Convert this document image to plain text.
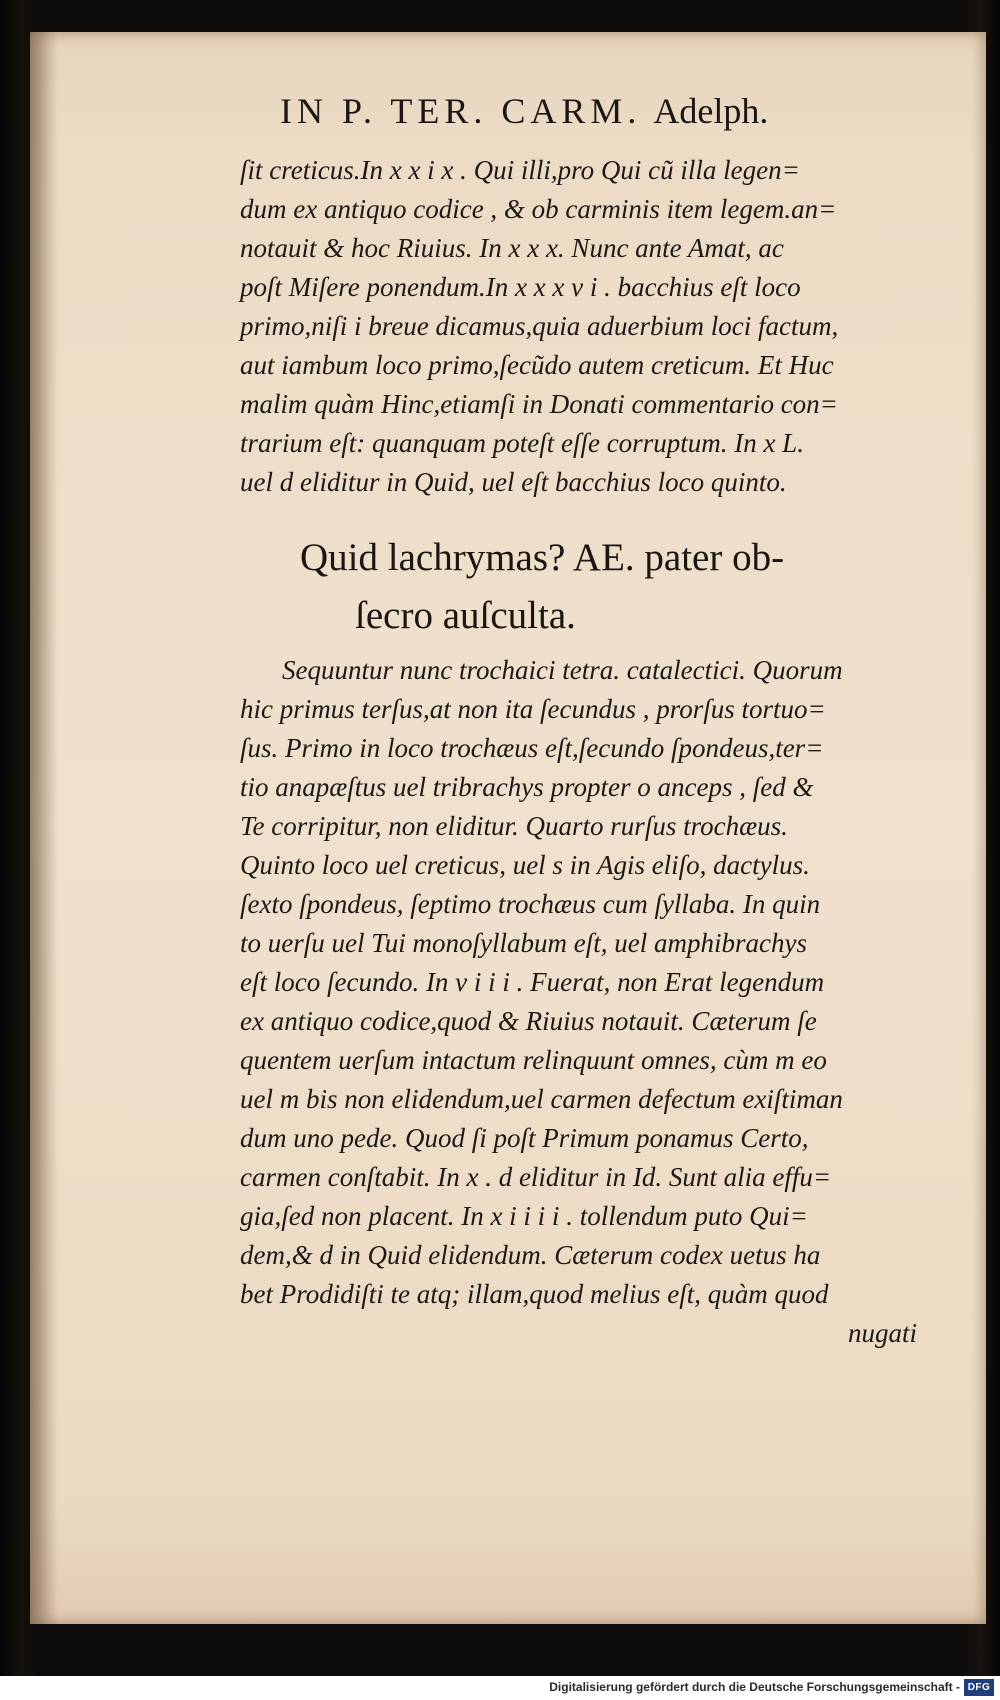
IN P. TER. CARM. Adelph.
ſit creticus.In x x i x . Qui illi,pro Qui cũ illa legen=
dum ex antiquo codice , & ob carminis item legem.an=
notauit & hoc Riuius. In x x x. Nunc ante Amat, ac
poſt Miſere ponendum.In x x x v i . bacchius eſt loco
primo,niſi i breue dicamus,quia aduerbium loci factum,
aut iambum loco primo,ſecũdo autem creticum. Et Huc
malim quàm Hinc,etiamſi in Donati commentario con=
trarium eſt: quanquam poteſt eſſe corruptum. In x L.
uel d eliditur in Quid, uel eſt bacchius loco quinto.
Quid lachrymas? AE. pater ob-
ſecro auſculta.
Sequuntur nunc trochaici tetra. catalectici. Quorum
hic primus terſus,at non ita ſecundus , prorſus tortuo=
ſus. Primo in loco trochæus eſt,ſecundo ſpondeus,ter=
tio anapæſtus uel tribrachys propter o anceps , ſed &
Te corripitur, non eliditur. Quarto rurſus trochæus.
Quinto loco uel creticus, uel s in Agis eliſo, dactylus.
ſexto ſpondeus, ſeptimo trochæus cum ſyllaba. In quin
to uerſu uel Tui monoſyllabum eſt, uel amphibrachys
eſt loco ſecundo. In v i i i . Fuerat, non Erat legendum
ex antiquo codice,quod & Riuius notauit. Cæterum ſe
quentem uerſum intactum relinquunt omnes, cùm m eo
uel m bis non elidendum,uel carmen defectum exiſtiman
dum uno pede. Quod ſi poſt Primum ponamus Certo,
carmen conſtabit. In x . d eliditur in Id. Sunt alia effu=
gia,ſed non placent. In x i i i i . tollendum puto Qui=
dem,& d in Quid elidendum. Cæterum codex uetus ha
bet Prodidiſti te atq; illam,quod melius eſt, quàm quod
nugati
Digitalisierung gefördert durch die Deutsche Forschungsgemeinschaft - DFG
